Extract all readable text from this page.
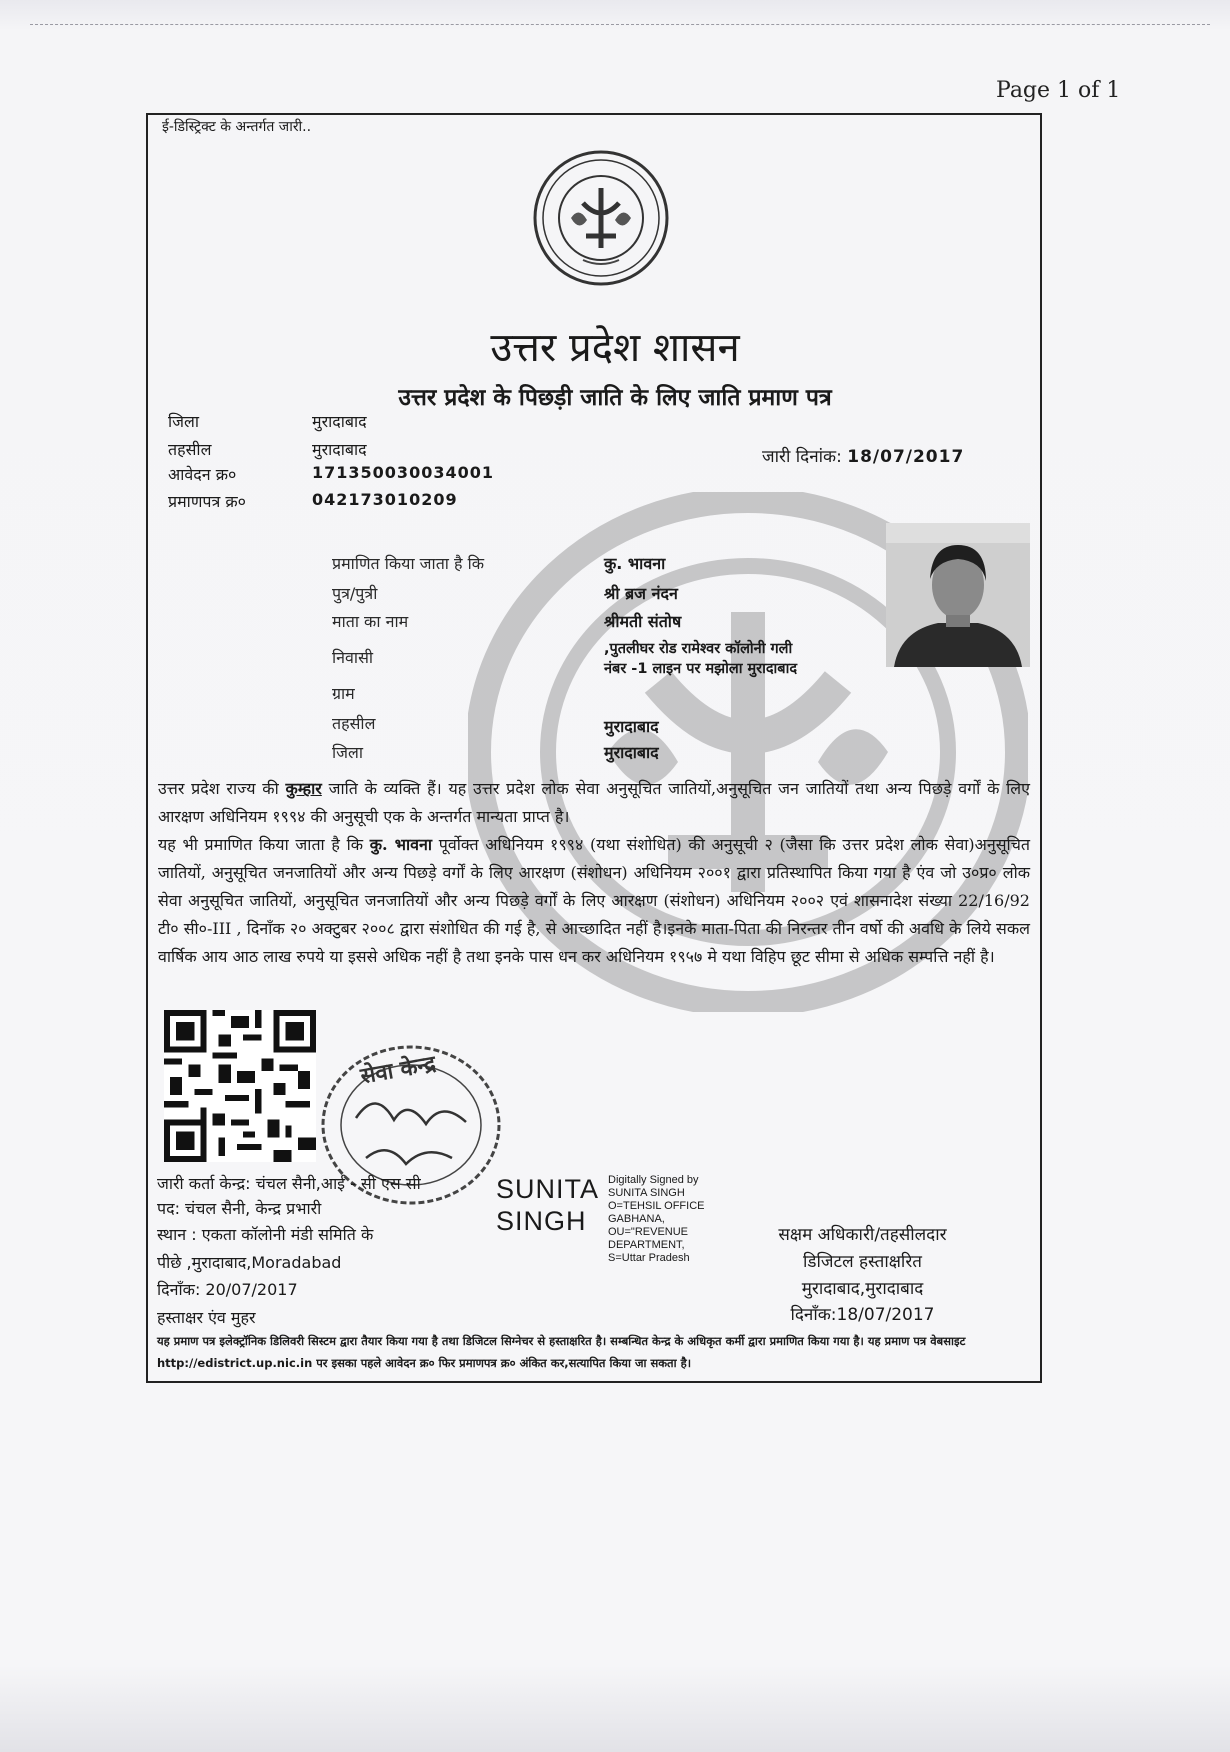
Page 1 of 1
ई-डिस्ट्रिक्ट के अन्तर्गत जारी..
उत्तर प्रदेश शासन
उत्तर प्रदेश के पिछड़ी जाति के लिए जाति प्रमाण पत्र
जिला	मुरादाबाद
तहसील	मुरादाबाद
आवेदन क्र०	171350030034001
प्रमाणपत्र क्र०	042173010209
जारी दिनांक: 18/07/2017
प्रमाणित किया जाता है कि	कु. भावना
पुत्र/पुत्री	श्री ब्रज नंदन
माता का नाम	श्रीमती संतोष
निवासी	,पुतलीघर रोड रामेश्वर कॉलोनी गली
नंबर -1 लाइन पर मझोला मुरादाबाद
ग्राम
तहसील	मुरादाबाद
जिला	मुरादाबाद
उत्तर प्रदेश राज्य की कुम्हार जाति के व्यक्ति हैं। यह उत्तर प्रदेश लोक सेवा अनुसूचित जातियों,अनुसूचित जन जातियों तथा अन्य पिछड़े वर्गों के लिए आरक्षण अधिनियम १९९४ की अनुसूची एक के अन्तर्गत मान्यता प्राप्त है।
यह भी प्रमाणित किया जाता है कि कु. भावना पूर्वोक्त अधिनियम १९९४ (यथा संशोधित) की अनुसूची २ (जैसा कि उत्तर प्रदेश लोक सेवा)अनुसूचित जातियों, अनुसूचित जनजातियों और अन्य पिछड़े वर्गों के लिए आरक्षण (संशोधन) अधिनियम २००१ द्वारा प्रतिस्थापित किया गया है एंव जो उ०प्र० लोक सेवा अनुसूचित जातियों, अनुसूचित जनजातियों और अन्य पिछड़े वर्गों के लिए आरक्षण (संशोधन) अधिनियम २००२ एवं शासनादेश संख्या 22/16/92 टी० सी०-III , दिनाँक २० अक्टुबर २००८ द्वारा संशोधित की गई है, से आच्छादित नहीं है।इनके माता-पिता की निरन्तर तीन वर्षो की अवधि के लिये सकल वार्षिक आय आठ लाख रुपये या इससे अधिक नहीं है तथा इनके पास धन कर अधिनियम १९५७ मे यथा विहिप छूट सीमा से अधिक सम्पत्ति नहीं है।
सेवा केन्द्र
जारी कर्ता केन्द्र: चंचल सैनी,आई - सी एस सी
पद: चंचल सैनी, केन्द्र प्रभारी
स्थान : एकता कॉलोनी मंडी समिति के
पीछे ,मुरादाबाद,Moradabad
दिनाँक: 20/07/2017
हस्ताक्षर एंव मुहर
SUNITA
SINGH
Digitally Signed by
SUNITA SINGH
O=TEHSIL OFFICE
GABHANA,
OU="REVENUE
DEPARTMENT,
S=Uttar Pradesh
सक्षम अधिकारी/तहसीलदार
डिजिटल हस्ताक्षरित
मुरादाबाद,मुरादाबाद
दिनाँक:18/07/2017
यह प्रमाण पत्र इलेक्ट्रॉनिक डिलिवरी सिस्टम द्वारा तैयार किया गया है तथा डिजिटल सिग्नेचर से हस्ताक्षरित है। सम्बन्धित केन्द्र के अधिकृत कर्मी द्वारा प्रमाणित किया गया है। यह प्रमाण पत्र वेबसाइट http://edistrict.up.nic.in पर इसका पहले आवेदन क्र० फिर प्रमाणपत्र क्र० अंकित कर,सत्यापित किया जा सकता है।
